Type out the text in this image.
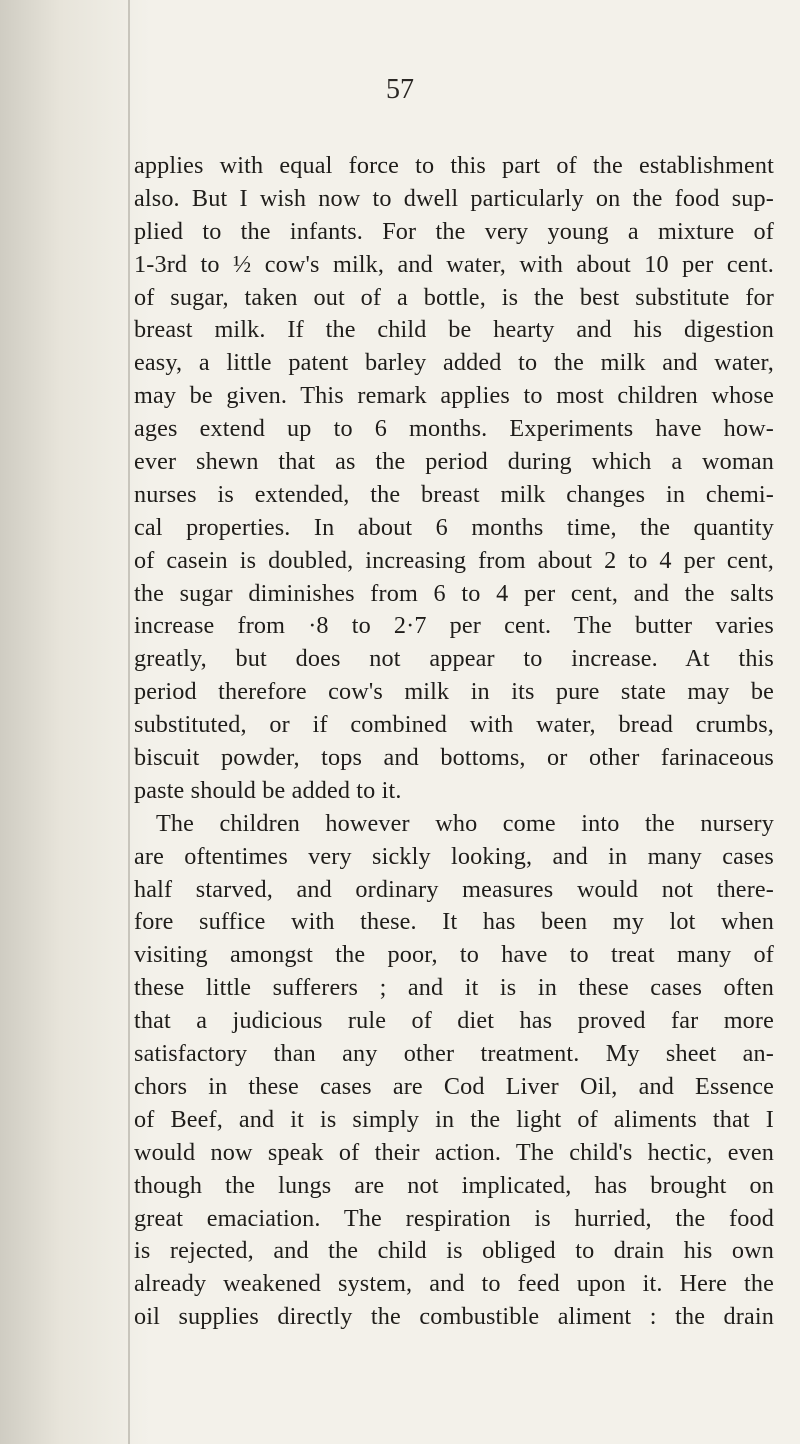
57

applies with equal force to this part of the establishment
also. But I wish now to dwell particularly on the food sup-
plied to the infants. For the very young a mixture of
1-3rd to ½ cow's milk, and water, with about 10 per cent.
of sugar, taken out of a bottle, is the best substitute for
breast milk. If the child be hearty and his digestion
easy, a little patent barley added to the milk and water,
may be given. This remark applies to most children whose
ages extend up to 6 months. Experiments have how-
ever shewn that as the period during which a woman
nurses is extended, the breast milk changes in chemi-
cal properties. In about 6 months time, the quantity
of casein is doubled, increasing from about 2 to 4 per cent,
the sugar diminishes from 6 to 4 per cent, and the salts
increase from ·8 to 2·7 per cent. The butter varies
greatly, but does not appear to increase. At this
period therefore cow's milk in its pure state may be
substituted, or if combined with water, bread crumbs,
biscuit powder, tops and bottoms, or other farinaceous
paste should be added to it.
The children however who come into the nursery
are oftentimes very sickly looking, and in many cases
half starved, and ordinary measures would not there-
fore suffice with these. It has been my lot when
visiting amongst the poor, to have to treat many of
these little sufferers ; and it is in these cases often
that a judicious rule of diet has proved far more
satisfactory than any other treatment. My sheet an-
chors in these cases are Cod Liver Oil, and Essence
of Beef, and it is simply in the light of aliments that I
would now speak of their action. The child's hectic, even
though the lungs are not implicated, has brought on
great emaciation. The respiration is hurried, the food
is rejected, and the child is obliged to drain his own
already weakened system, and to feed upon it. Here the
oil supplies directly the combustible aliment : the drain
